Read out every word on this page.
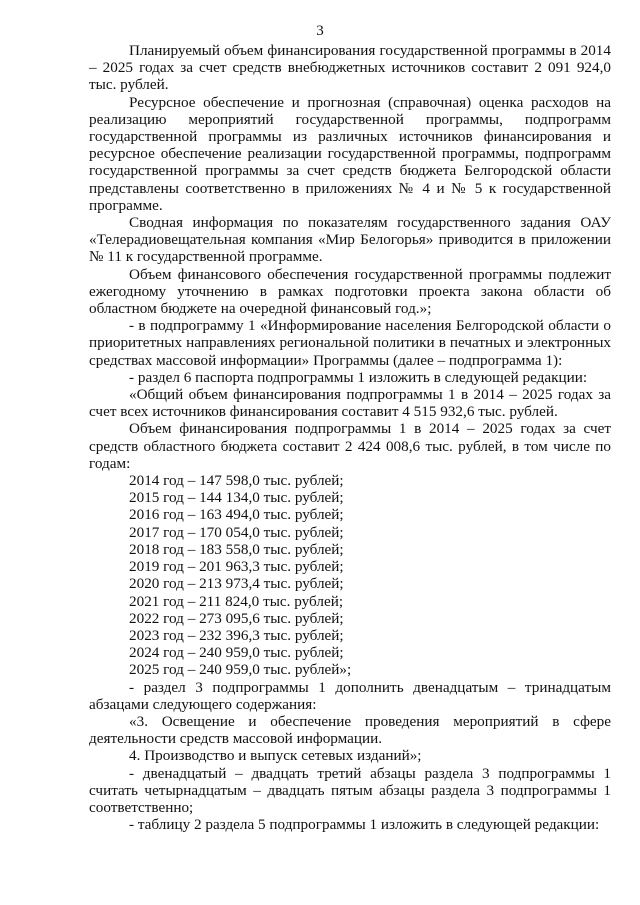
3

Планируемый объем финансирования государственной программы в 2014 – 2025 годах за счет средств внебюджетных источников составит 2 091 924,0 тыс. рублей.

Ресурсное обеспечение и прогнозная (справочная) оценка расходов на реализацию мероприятий государственной программы, подпрограмм государственной программы из различных источников финансирования и ресурсное обеспечение реализации государственной программы, подпрограмм государственной программы за счет средств бюджета Белгородской области представлены соответственно в приложениях № 4 и № 5 к государственной программе.

Сводная информация по показателям государственного задания ОАУ «Телерадиовещательная компания «Мир Белогорья» приводится в приложении № 11 к государственной программе.

Объем финансового обеспечения государственной программы подлежит ежегодному уточнению в рамках подготовки проекта закона области об областном бюджете на очередной финансовый год.»;

- в подпрограмму 1 «Информирование населения Белгородской области о приоритетных направлениях региональной политики в печатных и электронных средствах массовой информации» Программы (далее – подпрограмма 1):

- раздел 6 паспорта подпрограммы 1 изложить в следующей редакции:

«Общий объем финансирования подпрограммы 1 в 2014 – 2025 годах за счет всех источников финансирования составит 4 515 932,6 тыс. рублей.

Объем финансирования подпрограммы 1 в 2014 – 2025 годах за счет средств областного бюджета составит 2 424 008,6 тыс. рублей, в том числе по годам:

2014 год – 147 598,0 тыс. рублей;

2015 год – 144 134,0 тыс. рублей;

2016 год – 163 494,0 тыс. рублей;

2017 год – 170 054,0 тыс. рублей;

2018 год – 183 558,0 тыс. рублей;

2019 год – 201 963,3 тыс. рублей;

2020 год – 213 973,4 тыс. рублей;

2021 год – 211 824,0 тыс. рублей;

2022 год – 273 095,6 тыс. рублей;

2023 год – 232 396,3 тыс. рублей;

2024 год – 240 959,0 тыс. рублей;

2025 год – 240 959,0 тыс. рублей»;

- раздел 3 подпрограммы 1 дополнить двенадцатым – тринадцатым абзацами следующего содержания:

«3. Освещение и обеспечение проведения мероприятий в сфере деятельности средств массовой информации.

4. Производство и выпуск сетевых изданий»;

- двенадцатый – двадцать третий абзацы раздела 3 подпрограммы 1 считать четырнадцатым – двадцать пятым абзацы раздела 3 подпрограммы 1 соответственно;

- таблицу 2 раздела 5 подпрограммы 1 изложить в следующей редакции:
